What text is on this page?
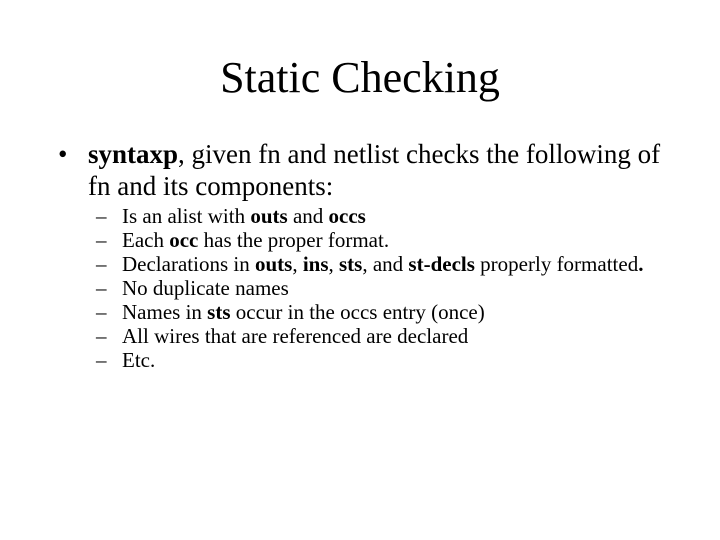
Static Checking
• syntaxp, given fn and netlist checks the following of fn and its components:
– Is an alist with outs and occs
– Each occ has the proper format.
– Declarations in outs, ins, sts, and st-decls properly formatted.
– No duplicate names
– Names in sts occur in the occs entry (once)
– All wires that are referenced are declared
– Etc.
